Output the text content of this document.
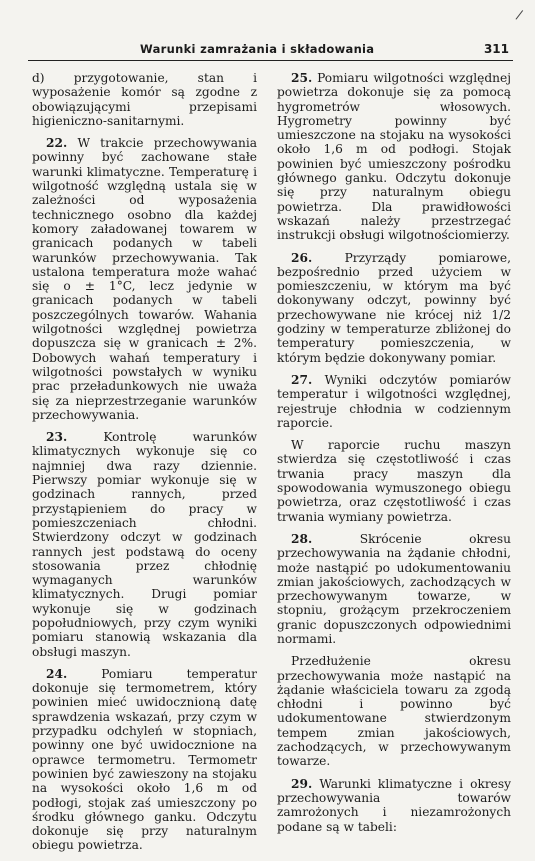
Warunki zamrażania i składowania	311
/

d) przygotowanie, stan i wyposażenie komór są zgodne z obowiązującymi przepisami higieniczno-sanitarnymi.

22. W trakcie przechowywania powinny być zachowane stałe warunki klimatyczne. Temperaturę i wilgotność względną ustala się w zależności od wyposażenia technicznego osobno dla każdej komory załadowanej towarem w granicach podanych w tabeli warunków przechowywania. Tak ustalona temperatura może wahać się o ± 1°C, lecz jedynie w granicach podanych w tabeli poszczególnych towarów. Wahania wilgotności względnej powietrza dopuszcza się w granicach ± 2%. Dobowych wahań temperatury i wilgotności powstałych w wyniku prac przeładunkowych nie uważa się za nieprzestrzeganie warunków przechowywania.

23.	Kontrolę warunków klimatycznych wykonuje się co najmniej dwa razy dziennie. Pierwszy pomiar wykonuje się w godzinach rannych, przed przystąpieniem do pracy w pomieszczeniach chłodni. Stwierdzony odczyt w godzinach rannych jest podstawą do oceny stosowania przez chłodnię wymaganych warunków klimatycznych. Drugi pomiar wykonuje się w godzinach popołudniowych, przy czym wyniki pomiaru stanowią wskazania dla obsługi maszyn.

24.	Pomiaru temperatur dokonuje się termometrem, który powinien mieć uwidocznioną datę sprawdzenia wskazań, przy czym w przypadku odchyleń w stopniach, powinny one być uwidocznione na oprawce termometru. Termometr powinien być zawieszony na stojaku na wysokości około 1,6 m od podłogi, stojak zaś umieszczony po środku głównego ganku. Odczytu dokonuje się przy naturalnym obiegu powietrza.

25. Pomiaru wilgotności względnej powietrza dokonuje się za pomocą hygrometrów włosowych. Hygrometry powinny być umieszczone na stojaku na wysokości około 1,6 m od podłogi. Stojak powinien być umieszczony pośrodku głównego ganku. Odczytu dokonuje się przy naturalnym obiegu powietrza. Dla prawidłowości wskazań należy przestrzegać instrukcji obsługi wilgotnościomierzy.

26.	Przyrządy pomiarowe, bezpośrednio przed użyciem w pomieszczeniu, w którym ma być dokonywany odczyt, powinny być przechowywane nie krócej niż 1/2 godziny w temperaturze zbliżonej do temperatury pomieszczenia, w którym będzie dokonywany pomiar.

27. Wyniki odczytów pomiarów temperatur i wilgotności względnej, rejestruje chłodnia w codziennym raporcie.

W raporcie ruchu maszyn stwierdza się częstotliwość i czas trwania pracy maszyn dla spowodowania wymuszonego obiegu powietrza, oraz częstotliwość i czas trwania wymiany powietrza.

28.	Skrócenie okresu przechowywania na żądanie chłodni, może nastąpić po udokumentowaniu zmian jakościowych, zachodzących w przechowywanym towarze, w stopniu, grożącym przekroczeniem granic dopuszczonych odpowiednimi normami.

Przedłużenie okresu przechowywania może nastąpić na żądanie właściciela towaru za zgodą chłodni i powinno być udokumentowane stwierdzonym tempem zmian jakościowych, zachodzących, w przechowywanym towarze.

29. Warunki klimatyczne i okresy przechowywania towarów zamrożonych i niezamrożonych podane są w tabeli:
